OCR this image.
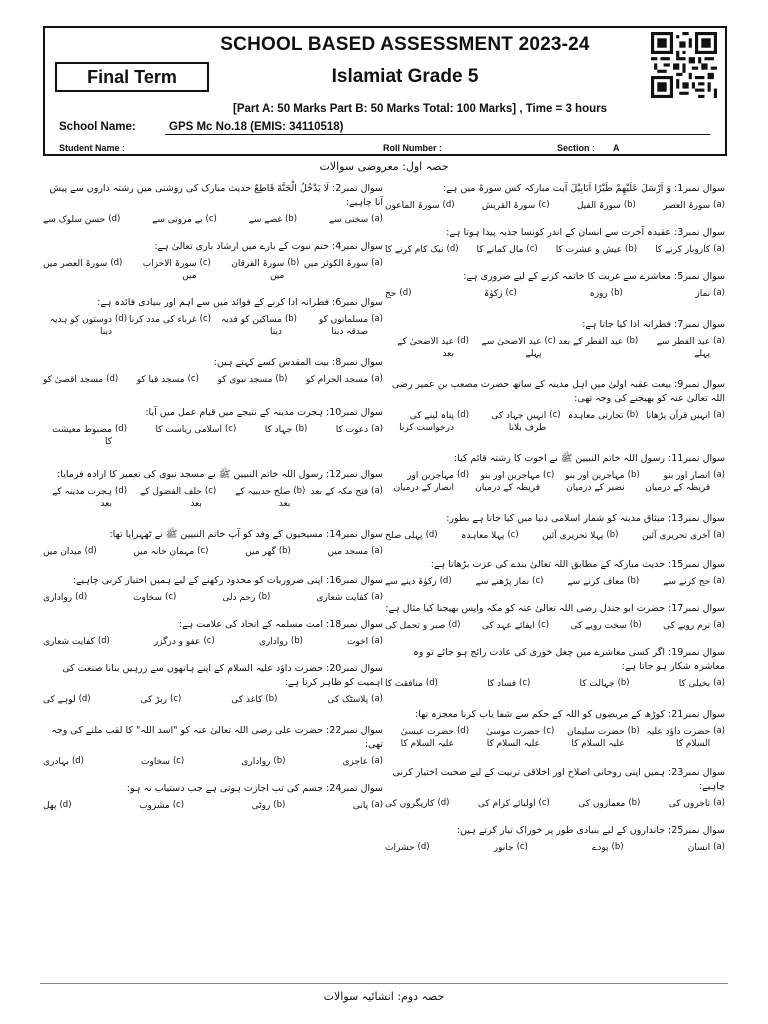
SCHOOL BASED ASSESSMENT 2023-24
Final Term	Islamiat Grade 5
[Part A: 50 Marks Part B: 50 Marks Total: 100 Marks] , Time = 3 hours
School Name:	GPS Mc No.18 (EMIS: 34110518)
Student Name :	Roll Number :	Section : A
حصہ اول: معروضی سوالات
سوال نمبر1: وَ اَرْسَلَ عَلَیْهِمْ طَیْرًا اَبَابِیْلَ آیت مبارکہ کس سورۃ میں ہے:
(a)
سورۃ العصر
(b)
سورۃ الفیل
(c)
سورۃ القریش
(d)
سورۃ الماعون
سوال نمبر3: عقیدہ آخرت سے انسان کے اندر کونسا جذبہ پیدا ہوتا ہے:
(a)
کاروبار کرنے کا
(b)
عیش و عشرت کا
(c)
مال کمانے کا
(d)
نیک کام کرنے کا
سوال نمبر5: معاشرے سے غربت کا خاتمہ کرنے کے لیے ضروری ہے:
(a)
نماز
(b)
روزہ
(c)
زکوٰۃ
(d)
حج
سوال نمبر7: فطرانہ ادا کیا جاتا ہے:
(a)
عید الفطر سے پہلے
(b)
عید الفطر کے بعد
(c)
عید الاضحیٰ سے پہلے
(d)
عید الاضحیٰ کے بعد
سوال نمبر9: بیعت عقبہ اولیٰ میں اہل مدینہ کے ساتھ حضرت مصعب بن عمیر رضی اللہ تعالیٰ عنہ کو بھیجنے کی وجہ تھی:
(a)
انہیں قرآن پڑھانا
(b)
تجارتی معاہدہ
(c)
انہیں جہاد کی طرف بلانا
(d)
پناہ لینے کی درخواست کرنا
سوال نمبر11: رسول اللہ خاتم النبیین ﷺ نے اخوت کا رشتہ قائم کیا:
(a)
انصار اور بنو قریظہ کے درمیان
(b)
مہاجرین اور بنو نضیر کے درمیان
(c)
مہاجرین اور بنو قریظہ کے درمیان
(d)
مہاجرین اور انصار کے درمیان
سوال نمبر13: میثاق مدینہ کو شمار اسلامی دنیا میں کیا جاتا ہے بطور:
(a)
آخری تحریری آئین
(b)
پہلا تحریری آئین
(c)
پہلا معاہدہ
(d)
پہلی صلح
سوال نمبر15: حدیث مبارکہ کے مطابق اللہ تعالیٰ بندے کی عزت بڑھاتا ہے:
(a)
حج کرنے سے
(b)
معاف کرنے سے
(c)
نماز پڑھنے سے
(d)
زکوٰۃ دینے سے
سوال نمبر17: حضرت ابو جندل رضی اللہ تعالیٰ عنہ کو مکہ واپس بھیجنا کیا مثال ہے:
(a)
نرم رویے کی
(b)
سخت رویے کی
(c)
ایفائے عہد کی
(d)
صبر و تحمل کی
سوال نمبر19: اگر کسی معاشرے میں چغل خوری کی عادت رائج ہو جائے تو وہ معاشرہ شکار ہو جاتا ہے:
(a)
بخیلی کا
(b)
جہالت کا
(c)
فساد کا
(d)
منافقت کا
سوال نمبر21: کوڑھ کے مریضوں کو اللہ کے حکم سے شفا یاب کرنا معجزہ تھا:
(a)
حضرت داؤد علیہ السلام کا
(b)
حضرت سلیمان علیہ السلام کا
(c)
حضرت موسیٰ علیہ السلام کا
(d)
حضرت عیسیٰ علیہ السلام کا
سوال نمبر23: ہمیں اپنی روحانی اصلاح اور اخلاقی تربیت کے لیے صحبت اختیار کرنی چاہیے:
(a)
تاجروں کی
(b)
معماروں کی
(c)
اولیائے کرام کی
(d)
کاریگروں کی
سوال نمبر25: جانداروں کے لیے بنیادی طور پر خوراک تیار کرتے ہیں:
(a)
انسان
(b)
پودے
(c)
جانور
(d)
حشرات
سوال نمبر2: لَا یَدْخُلُ الْجَنَّةَ قَاطِعٌ حدیث مبارک کی روشنی میں رشتہ داروں سے پیش آنا چاہیے:
(a)
سختی سے
(b)
غصے سے
(c)
بے مروتی سے
(d)
حسن سلوک سے
سوال نمبر4: ختم نبوت کے بارے میں ارشاد باری تعالیٰ ہے:
(a)
سورۃ الکوثر میں
(b)
سورۃ الفرقان میں
(c)
سورۃ الاحزاب میں
(d)
سورۃ العصر میں
سوال نمبر6: فطرانہ ادا کرنے کے فوائد میں سے اہم اور بنیادی فائدہ ہے:
(a)
مسلمانوں کو صدقہ دینا
(b)
مساکین کو فدیہ دینا
(c)
غرباء کی مدد کرنا
(d)
دوستوں کو ہدیہ دینا
سوال نمبر8: بیت المقدس کسے کہتے ہیں:
(a)
مسجد الحرام کو
(b)
مسجد نبوی کو
(c)
مسجد قبا کو
(d)
مسجد اقصیٰ کو
سوال نمبر10: ہجرت مدینہ کے نتیجے میں قیام عمل میں آیا:
(a)
دعوت کا
(b)
جہاد کا
(c)
اسلامی ریاست کا
(d)
مضبوط معیشت کا
سوال نمبر12: رسول اللہ خاتم النبیین ﷺ نے مسجد نبوی کی تعمیر کا ارادہ فرمایا:
(a)
فتح مکہ کے بعد
(b)
صلح حدیبیہ کے بعد
(c)
حلف الفضول کے بعد
(d)
ہجرت مدینہ کے بعد
سوال نمبر14: مسیحیوں کے وفد کو آپ خاتم النبیین ﷺ نے ٹھہرایا تھا:
(a)
مسجد میں
(b)
گھر میں
(c)
مہمان خانہ میں
(d)
میدان میں
سوال نمبر16: اپنی ضروریات کو محدود رکھنے کے لیے ہمیں اختیار کرنی چاہیے:
(a)
کفایت شعاری
(b)
رحم دلی
(c)
سخاوت
(d)
رواداری
سوال نمبر18: امت مسلمہ کے اتحاد کی علامت ہے:
(a)
اخوت
(b)
رواداری
(c)
عفو و درگزر
(d)
کفایت شعاری
سوال نمبر20: حضرت داؤد علیہ السلام کے اپنے ہاتھوں سے زرہیں بنانا صنعت کی اہمیت کو ظاہر کرتا ہے:
(a)
پلاسٹک کی
(b)
کاغذ کی
(c)
ربڑ کی
(d)
لوہے کی
سوال نمبر22: حضرت علی رضی اللہ تعالیٰ عنہ کو "اسد اللہ" کا لقب ملنے کی وجہ تھی:
(a)
عاجزی
(b)
رواداری
(c)
سخاوت
(d)
بہادری
سوال نمبر24: جسم کی تب اجازت ہوتی ہے جب دستیاب نہ ہو:
(a)
پانی
(b)
روٹی
(c)
مشروب
(d)
پھل
حصہ دوم: انشائیہ سوالات
